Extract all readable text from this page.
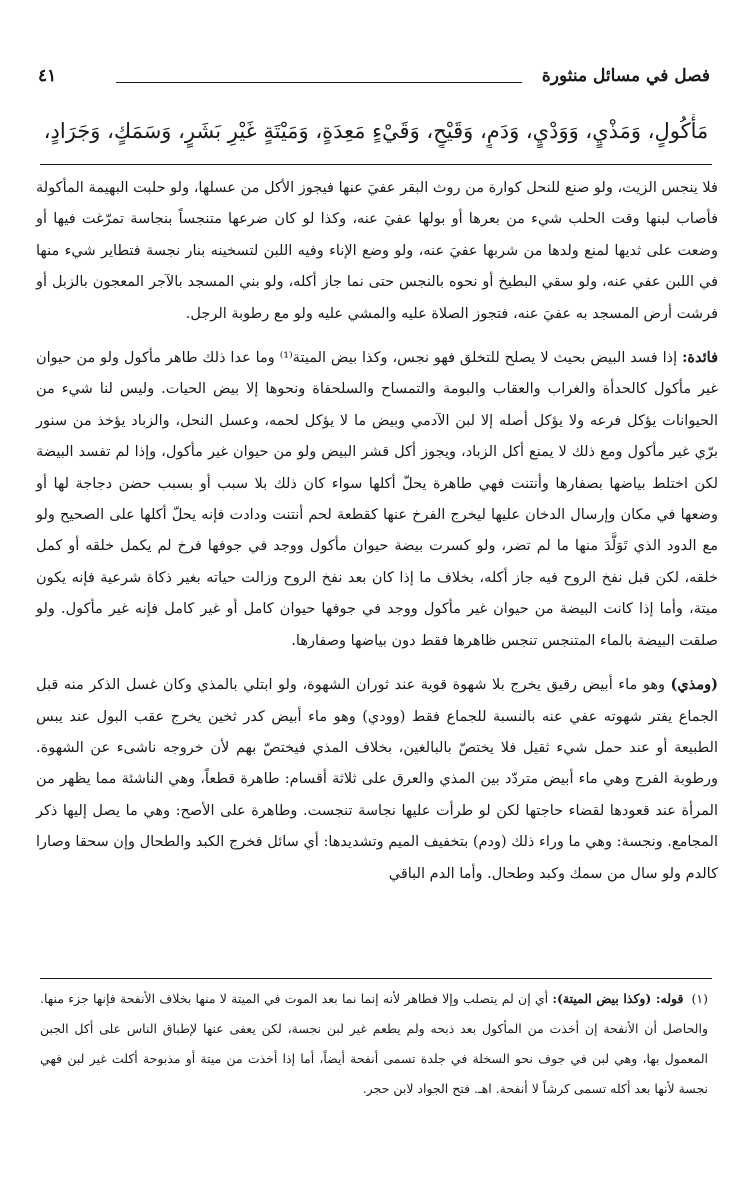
فصل في مسائل منثورة
٤١
مَأْكُولٍ، وَمَذْيٍ، وَوَدْيٍ، وَدَمٍ، وَقَيْحٍ، وَقَيْءٍ مَعِدَةٍ، وَمَيْتَةٍ غَيْرِ بَشَرٍ، وَسَمَكٍ، وَجَرَادٍ،

فلا ينجس الزيت، ولو صنع للنحل كوارة من روث البقر عفيَ عنها فيجوز الأكل من عسلها، ولو حلبت البهيمة المأكولة فأصاب لبنها وقت الحلب شيء من بعرها أو بولها عفيَ عنه، وكذا لو كان ضرعها متنجساً بنجاسة تمرّغت فيها أو وضعت على ثديها لمنع ولدها من شربها عفيَ عنه، ولو وضع الإناء وفيه اللبن لتسخينه بنار نجسة فتطاير شيء منها في اللبن عفي عنه، ولو سقي البطيخ أو نحوه بالنجس حتى نما جاز أكله، ولو بني المسجد بالآجر المعجون بالزبل أو فرشت أرض المسجد به عفيَ عنه، فتجوز الصلاة عليه والمشي عليه ولو مع رطوبة الرجل.

فائدة: إذا فسد البيض بحيث لا يصلح للتخلق فهو نجس، وكذا بيض الميتة⁽¹⁾ وما عدا ذلك طاهر مأكول ولو من حيوان غير مأكول كالحدأة والغراب والعقاب والبومة والتمساح والسلحفاة ونحوها إلا بيض الحيات. وليس لنا شيء من الحيوانات يؤكل فرعه ولا يؤكل أصله إلا لبن الآدمي وبيض ما لا يؤكل لحمه، وعسل النحل، والزباد يؤخذ من سنور برّي غير مأكول ومع ذلك لا يمنع أكل الزباد، ويجوز أكل قشر البيض ولو من حيوان غير مأكول، وإذا لم تفسد البيضة لكن اختلط بياضها بصفارها وأنتنت فهي طاهرة يحلّ أكلها سواء كان ذلك بلا سبب أو بسبب حضن دجاجة لها أو وضعها في مكان وإرسال الدخان عليها ليخرج الفرخ عنها كقطعة لحم أنتنت ودادت فإنه يحلّ أكلها على الصحيح ولو مع الدود الذي تَوَلَّدَ منها ما لم تضر، ولو كسرت بيضة حيوان مأكول ووجد في جوفها فرخ لم يكمل خلقه أو كمل خلقه، لكن قبل نفخ الروح فيه جاز أكله، بخلاف ما إذا كان بعد نفخ الروح وزالت حياته بغير ذكاة شرعية فإنه يكون ميتة، وأما إذا كانت البيضة من حيوان غير مأكول ووجد في جوفها حيوان كامل أو غير كامل فإنه غير مأكول. ولو صلقت البيضة بالماء المتنجس تنجس ظاهرها فقط دون بياضها وصفارها.

(ومذي) وهو ماء أبيض رقيق يخرج بلا شهوة قوية عند ثوران الشهوة، ولو ابتلي بالمذي وكان غسل الذكر منه قبل الجماع يفتر شهوته عفي عنه بالنسبة للجماع فقط (وودي) وهو ماء أبيض كدر ثخين يخرج عقب البول عند يبس الطبيعة أو عند حمل شيء ثقيل فلا يختصّ بالبالغين، بخلاف المذي فيختصّ بهم لأن خروجه ناشىء عن الشهوة. ورطوبة الفرج وهي ماء أبيض متردّد بين المذي والعرق على ثلاثة أقسام: طاهرة قطعاً، وهي الناشئة مما يظهر من المرأة عند قعودها لقضاء حاجتها لكن لو طرأت عليها نجاسة تنجست. وطاهرة على الأصح: وهي ما يصل إليها ذكر المجامع. ونجسة: وهي ما وراء ذلك (ودم) بتخفيف الميم وتشديدها: أي سائل فخرج الكبد والطحال وإن سحقا وصارا كالدم ولو سال من سمك وكبد وطحال. وأما الدم الباقي

(١)قوله: (وكذا بيض الميتة): أي إن لم يتصلب وإلا فطاهر لأنه إنما نما بعد الموت في الميتة لا منها بخلاف الأنفحة فإنها جزء منها. والحاصل أن الأنفحة إن أخذت من المأكول بعد ذبحه ولم يطعم غير لبن نجسة، لكن يعفى عنها لإطباق الناس على أكل الجبن المعمول بها، وهي لبن في جوف نحو السخلة في جلدة تسمى أنفحة أيضاً، أما إذا أخذت من ميتة أو مذبوحة أكلت غير لبن فهي نجسة لأنها بعد أكله تسمى كرشاً لا أنفحة. اهـ. فتح الجواد لابن حجر.
